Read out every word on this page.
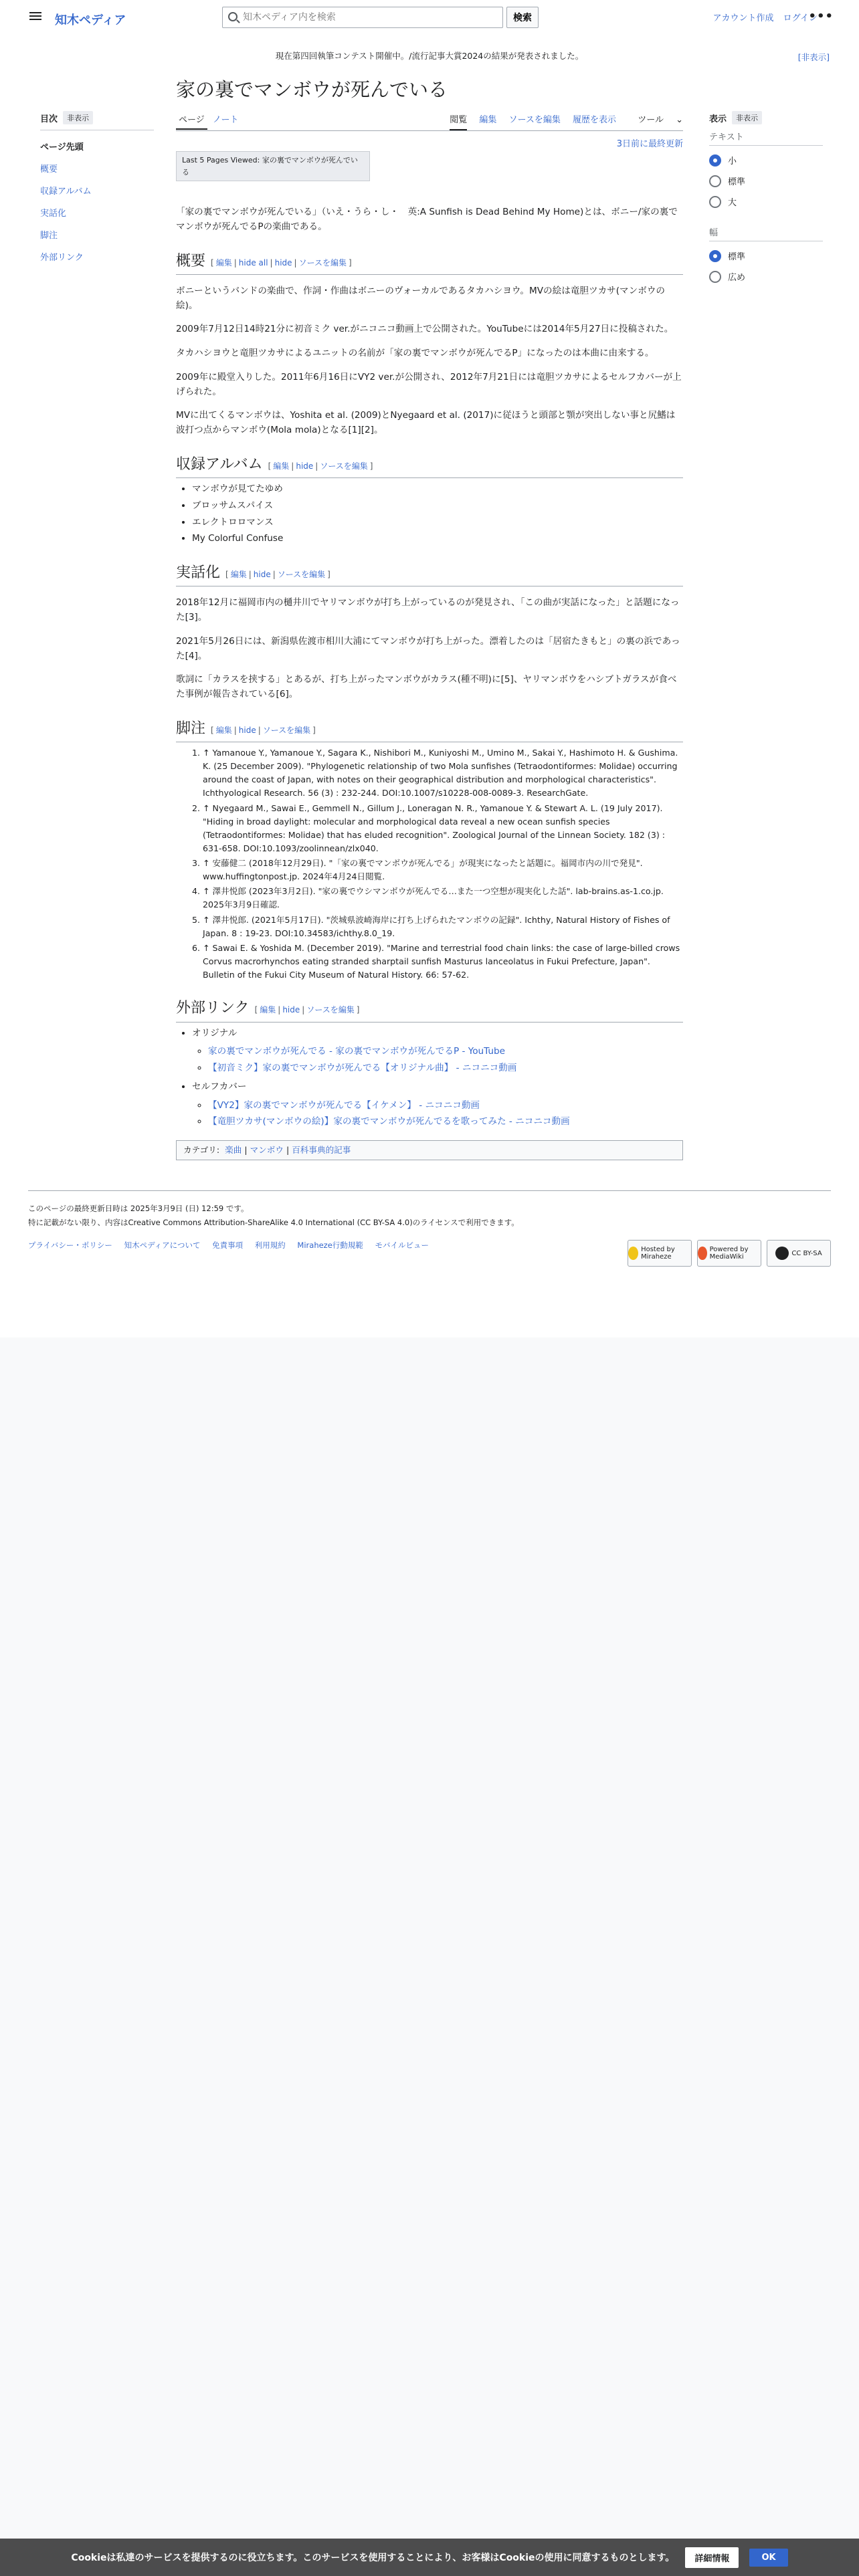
知木ペディア
知木ペディア内を検索	検索	アカウント作成 ログイン
•••
現在第四回執筆コンテスト開催中。/流行記事大賞2024の結果が発表されました。	[非表示]
家の裏でマンボウが死んでいる
ページ ノート	閲覧 編集 ソースを編集 履歴を表示 ツール ⌄
目次	非表示
ページ先頭
概要
収録アルバム
実話化
脚注
外部リンク
表示	非表示
テキスト
小
標準
大
幅
標準
広め
3日前に最終更新
Last 5 Pages Viewed: 家の裏でマンボウが死んでいる

「家の裏でマンボウが死んでいる」（いえ・うら・し・　英:A Sunfish is Dead Behind My Home)とは、ボニー/家の裏でマンボウが死んでるPの楽曲である。

概要 [ 編集 | hide all | hide | ソースを編集 ]

ボニーというバンドの楽曲で、作詞・作曲はボニーのヴォーカルであるタカハシヨウ。MVの絵は竜胆ツカサ(マンボウの絵)。

2009年7月12日14時21分に初音ミク ver.がニコニコ動画上で公開された。YouTubeには2014年5月27日に投稿された。

タカハシヨウと竜胆ツカサによるユニットの名前が「家の裏でマンボウが死んでるP」になったのは本曲に由来する。

2009年に殿堂入りした。2011年6月16日にVY2 ver.が公開され、2012年7月21日には竜胆ツカサによるセルフカバーが上げられた。

MVに出てくるマンボウは、Yoshita et al. (2009)とNyegaard et al. (2017)に従ほうと頭部と顎が突出しない事と尻鰭は波打つ点からマンボウ(Mola mola)となる[1][2]。

収録アルバム [ 編集 | hide | ソースを編集 ]
• マンボウが見てたゆめ
• ブロッサムスパイス
• エレクトロロマンス
• My Colorful Confuse
実話化 [ 編集 | hide | ソースを編集 ]

2018年12月に福岡市内の樋井川でヤリマンボウが打ち上がっているのが発見され、「この曲が実話になった」と話題になった[3]。

2021年5月26日には、新潟県佐渡市相川大浦にてマンボウが打ち上がった。漂着したのは「居宿たきもと」の裏の浜であった[4]。

歌詞に「カラスを挟する」とあるが、打ち上がったマンボウがカラス(種不明)に[5]、ヤリマンボウをハシブトガラスが食べた事例が報告されている[6]。

脚注 [ 編集 | hide | ソースを編集 ]
1. ↑ Yamanoue Y., Yamanoue Y., Sagara K., Nishibori M., Kuniyoshi M., Umino M., Sakai Y., Hashimoto H. & Gushima. K. (25 December 2009). "Phylogenetic relationship of two Mola sunfishes (Tetraodontiformes: Molidae) occurring around the coast of Japan, with notes on their geographical distribution and morphological characteristics". Ichthyological Research. 56 (3) : 232-244. DOI:10.1007/s10228-008-0089-3. ResearchGate.
2. ↑ Nyegaard M., Sawai E., Gemmell N., Gillum J., Loneragan N. R., Yamanoue Y. & Stewart A. L. (19 July 2017). "Hiding in broad daylight: molecular and morphological data reveal a new ocean sunfish species (Tetraodontiformes: Molidae) that has eluded recognition". Zoological Journal of the Linnean Society. 182 (3) : 631-658. DOI:10.1093/zoolinnean/zlx040.
3. ↑ 安藤健二 (2018年12月29日). "「家の裏でマンボウが死んでる」が現実になったと話題に。福岡市内の川で発見". www.huffingtonpost.jp. 2024年4月24日閲覧.
4. ↑ 澤井悦郎 (2023年3月2日). "家の裏でウシマンボウが死んでる…また一つ空想が現実化した話". lab-brains.as-1.co.jp. 2025年3月9日確認.
5. ↑ 澤井悦郎. (2021年5月17日). "茨城県波崎海岸に打ち上げられたマンボウの記録". Ichthy, Natural History of Fishes of Japan. 8 : 19-23. DOI:10.34583/ichthy.8.0_19.
6. ↑ Sawai E. & Yoshida M. (December 2019). "Marine and terrestrial food chain links: the case of large-billed crows Corvus macrorhynchos eating stranded sharptail sunfish Masturus lanceolatus in Fukui Prefecture, Japan". Bulletin of the Fukui City Museum of Natural History. 66: 57-62.
外部リンク [ 編集 | hide | ソースを編集 ]
• オリジナル
◦ 家の裏でマンボウが死んでる - 家の裏でマンボウが死んでるP - YouTube
◦ 【初音ミク】家の裏でマンボウが死んでる【オリジナル曲】 - ニコニコ動画
• セルフカバー
◦ 【VY2】家の裏でマンボウが死んでる【イケメン】 - ニコニコ動画
◦ 【竜胆ツカサ(マンボウの絵)】家の裏でマンボウが死んでるを歌ってみた - ニコニコ動画
カテゴリ: 楽曲 | マンボウ | 百科事典的記事
このページの最終更新日時は 2025年3月9日 (日) 12:59 です。
特に記載がない限り、内容はCreative Commons Attribution-ShareAlike 4.0 International (CC BY-SA 4.0)のライセンスで利用できます。
プライバシー・ポリシー 知木ペディアについて 免責事項 利用規約 Miraheze行動規範 モバイルビュー	Hosted by Miraheze
Powered by MediaWiki	CC BY-SA
Cookieは私達のサービスを提供するのに役立ちます。このサービスを使用することにより、お客様はCookieの使用に同意するものとします。	詳細情報	OK
